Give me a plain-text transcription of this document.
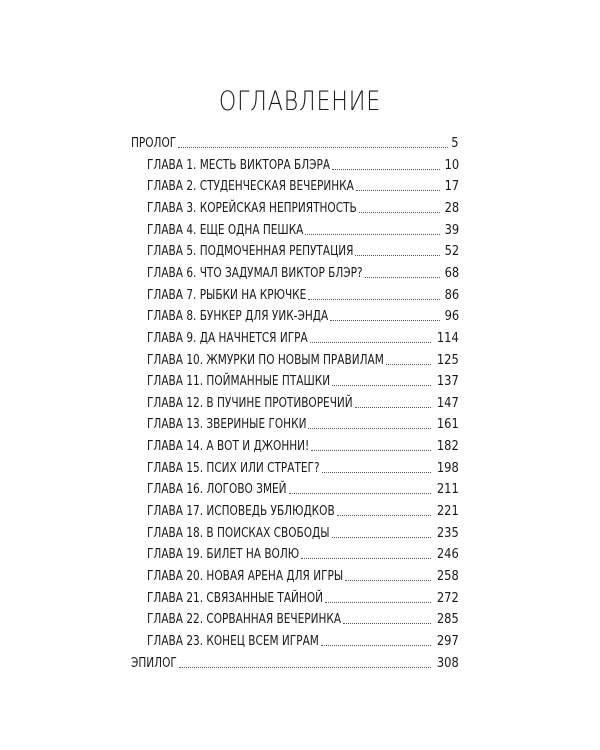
ОГЛАВЛЕНИЕ
ПРОЛОГ	5
ГЛАВА 1. МЕСТЬ ВИКТОРА БЛЭРА	10
ГЛАВА 2. СТУДЕНЧЕСКАЯ ВЕЧЕРИНКА	17
ГЛАВА 3. КОРЕЙСКАЯ НЕПРИЯТНОСТЬ	28
ГЛАВА 4. ЕЩЕ ОДНА ПЕШКА	39
ГЛАВА 5. ПОДМОЧЕННАЯ РЕПУТАЦИЯ	52
ГЛАВА 6. ЧТО ЗАДУМАЛ ВИКТОР БЛЭР?	68
ГЛАВА 7. РЫБКИ НА КРЮЧКЕ	86
ГЛАВА 8. БУНКЕР ДЛЯ УИК-ЭНДА	96
ГЛАВА 9. ДА НАЧНЕТСЯ ИГРА	114
ГЛАВА 10. ЖМУРКИ ПО НОВЫМ ПРАВИЛАМ	125
ГЛАВА 11. ПОЙМАННЫЕ ПТАШКИ	137
ГЛАВА 12. В ПУЧИНЕ ПРОТИВОРЕЧИЙ	147
ГЛАВА 13. ЗВЕРИНЫЕ ГОНКИ	161
ГЛАВА 14. А ВОТ И ДЖОННИ!	182
ГЛАВА 15. ПСИХ ИЛИ СТРАТЕГ?	198
ГЛАВА 16. ЛОГОВО ЗМЕЙ	211
ГЛАВА 17. ИСПОВЕДЬ УБЛЮДКОВ	221
ГЛАВА 18. В ПОИСКАХ СВОБОДЫ	235
ГЛАВА 19. БИЛЕТ НА ВОЛЮ	246
ГЛАВА 20. НОВАЯ АРЕНА ДЛЯ ИГРЫ	258
ГЛАВА 21. СВЯЗАННЫЕ ТАЙНОЙ	272
ГЛАВА 22. СОРВАННАЯ ВЕЧЕРИНКА	285
ГЛАВА 23. КОНЕЦ ВСЕМ ИГРАМ	297
ЭПИЛОГ	308
